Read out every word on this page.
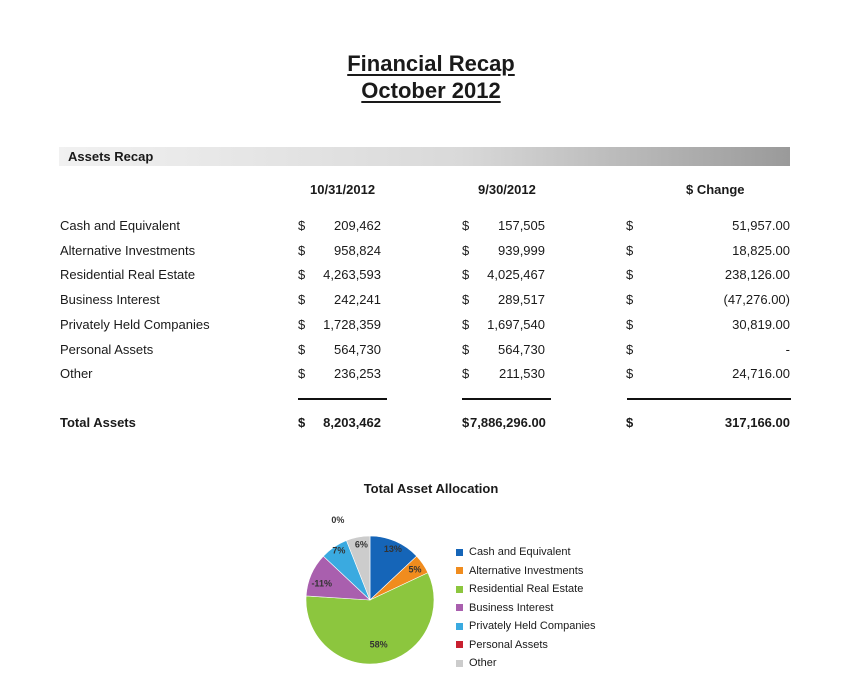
Financial Recap
October 2012
Assets Recap
10/31/2012	9/30/2012	$ Change
Cash and Equivalent	$	209,462	$	157,505	$	51,957.00
Alternative Investments	$	958,824	$	939,999	$	18,825.00
Residential Real Estate	$	4,263,593	$	4,025,467	$	238,126.00
Business Interest	$	242,241	$	289,517	$	(47,276.00)
Privately Held Companies	$	1,728,359	$	1,697,540	$	30,819.00
Personal Assets	$	564,730	$	564,730	$	-
Other	$	236,253	$	211,530	$	24,716.00
Total Assets	$	8,203,462	$ 7,886,296.00	$	317,166.00
Total Asset Allocation
13%
5%
58%
-11%
7%
0%
6%
Cash and Equivalent
Alternative Investments
Residential Real Estate
Business Interest
Privately Held Companies
Personal Assets
Other
